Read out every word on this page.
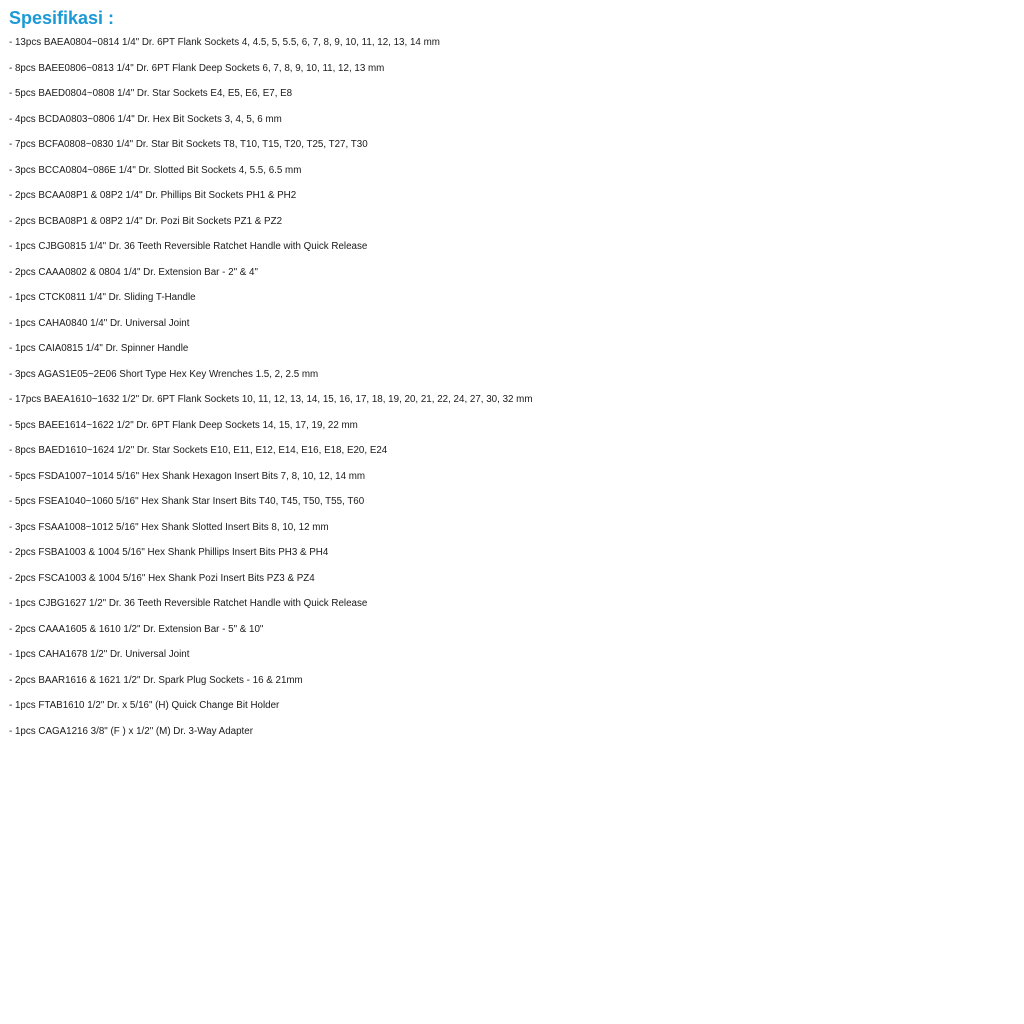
Spesifikasi :
- 13pcs BAEA0804~0814 1/4" Dr. 6PT Flank Sockets 4, 4.5, 5, 5.5, 6, 7, 8, 9, 10, 11, 12, 13, 14 mm
- 8pcs BAEE0806~0813 1/4" Dr. 6PT Flank Deep Sockets 6, 7, 8, 9, 10, 11, 12, 13 mm
- 5pcs BAED0804~0808 1/4" Dr. Star Sockets E4, E5, E6, E7, E8
- 4pcs BCDA0803~0806 1/4" Dr. Hex Bit Sockets 3, 4, 5, 6 mm
- 7pcs BCFA0808~0830 1/4" Dr. Star Bit Sockets T8, T10, T15, T20, T25, T27, T30
- 3pcs BCCA0804~086E 1/4" Dr. Slotted Bit Sockets 4, 5.5, 6.5 mm
- 2pcs BCAA08P1 & 08P2 1/4" Dr. Phillips Bit Sockets PH1 & PH2
- 2pcs BCBA08P1 & 08P2 1/4" Dr. Pozi Bit Sockets PZ1 & PZ2
- 1pcs CJBG0815 1/4" Dr. 36 Teeth Reversible Ratchet Handle with Quick Release
- 2pcs CAAA0802 & 0804 1/4" Dr. Extension Bar - 2" & 4"
- 1pcs CTCK0811 1/4" Dr. Sliding T-Handle
- 1pcs CAHA0840 1/4" Dr. Universal Joint
- 1pcs CAIA0815 1/4" Dr. Spinner Handle
- 3pcs AGAS1E05~2E06 Short Type Hex Key Wrenches 1.5, 2, 2.5 mm
- 17pcs BAEA1610~1632 1/2" Dr. 6PT Flank Sockets 10, 11, 12, 13, 14, 15, 16, 17, 18, 19, 20, 21, 22, 24, 27, 30, 32 mm
- 5pcs BAEE1614~1622 1/2" Dr. 6PT Flank Deep Sockets 14, 15, 17, 19, 22 mm
- 8pcs BAED1610~1624 1/2" Dr. Star Sockets E10, E11, E12, E14, E16, E18, E20, E24
- 5pcs FSDA1007~1014 5/16" Hex Shank Hexagon Insert Bits 7, 8, 10, 12, 14 mm
- 5pcs FSEA1040~1060 5/16" Hex Shank Star Insert Bits T40, T45, T50, T55, T60
- 3pcs FSAA1008~1012 5/16" Hex Shank Slotted Insert Bits 8, 10, 12 mm
- 2pcs FSBA1003 & 1004 5/16" Hex Shank Phillips Insert Bits PH3 & PH4
- 2pcs FSCA1003 & 1004 5/16" Hex Shank Pozi Insert Bits PZ3 & PZ4
- 1pcs CJBG1627 1/2" Dr. 36 Teeth Reversible Ratchet Handle with Quick Release
- 2pcs CAAA1605 & 1610 1/2" Dr. Extension Bar - 5" & 10"
- 1pcs CAHA1678 1/2" Dr. Universal Joint
- 2pcs BAAR1616 & 1621 1/2" Dr. Spark Plug Sockets - 16 & 21mm
- 1pcs FTAB1610 1/2" Dr. x 5/16" (H) Quick Change Bit Holder
- 1pcs CAGA1216 3/8" (F ) x 1/2" (M) Dr. 3-Way Adapter
